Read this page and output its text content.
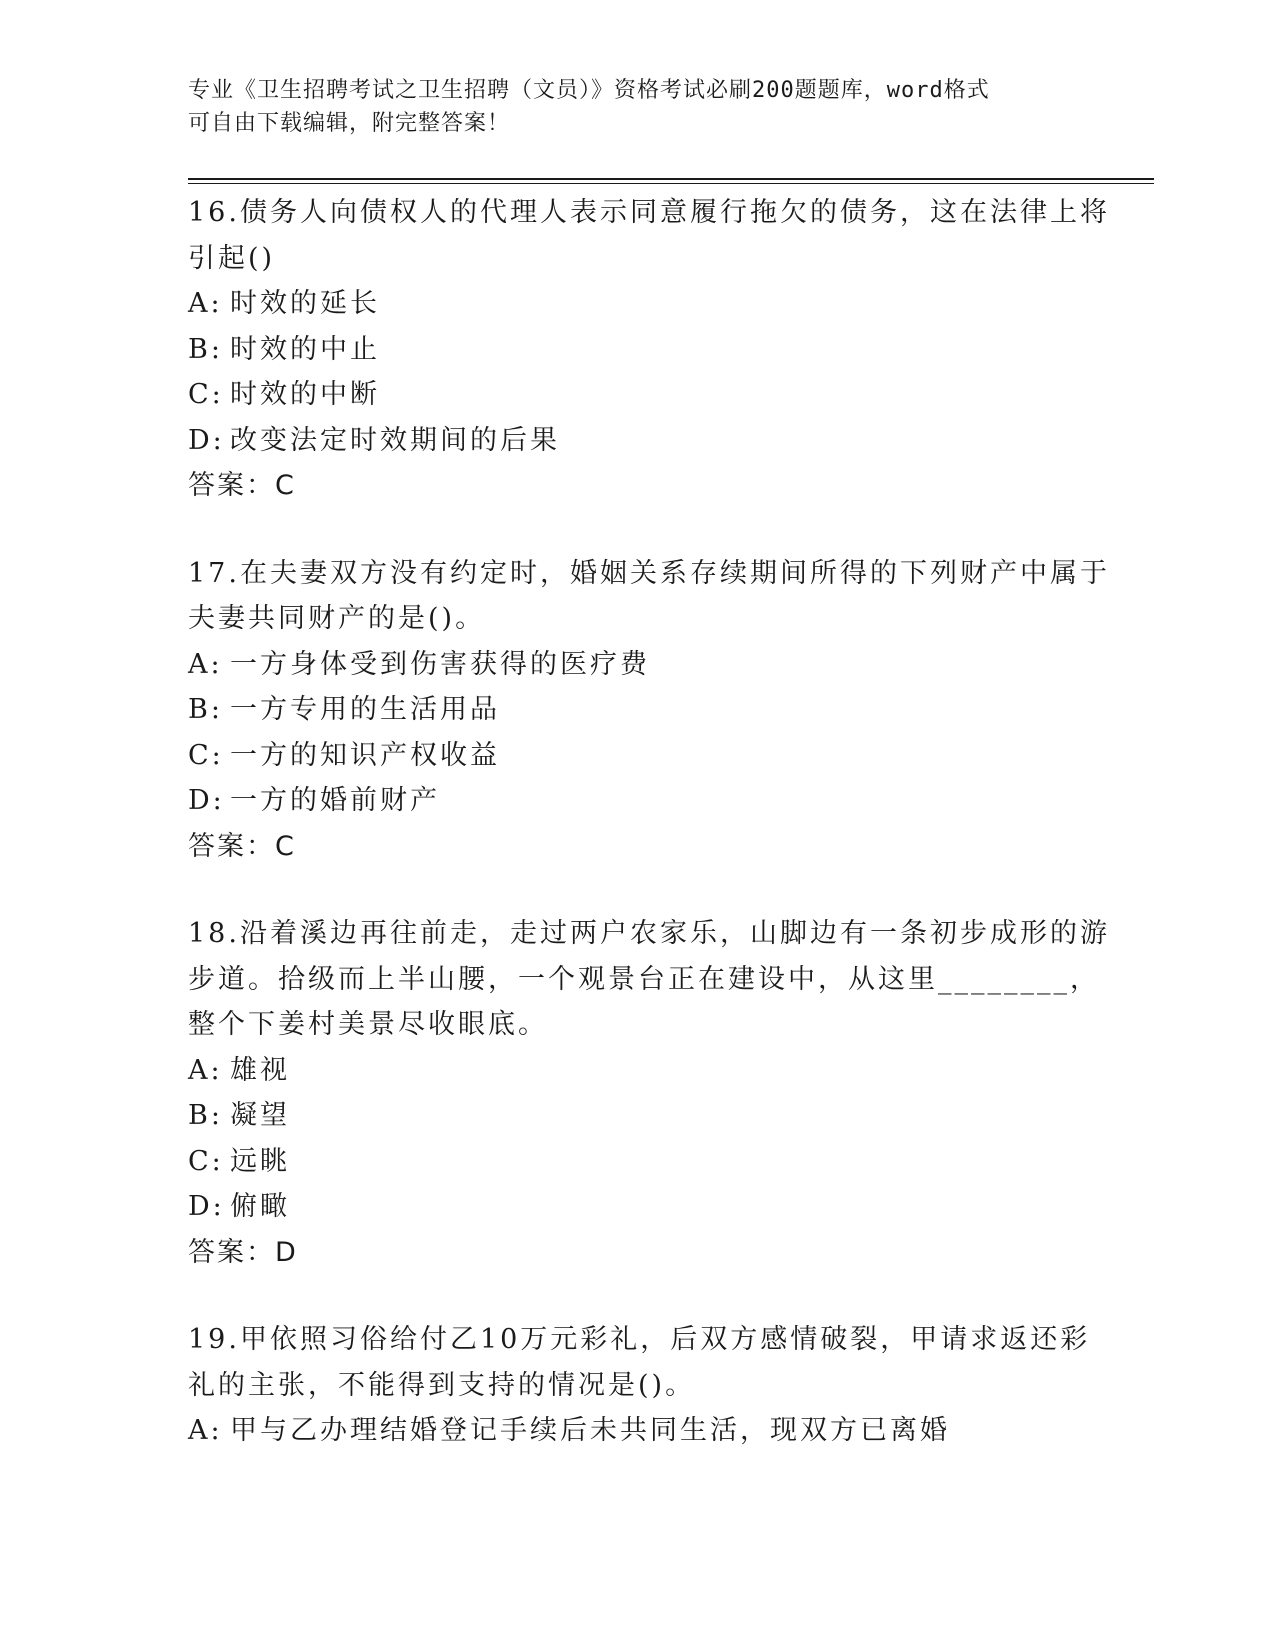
专业《卫生招聘考试之卫生招聘（文员）》资格考试必刷200题题库，word格式
可自由下载编辑，附完整答案！
16.债务人向债权人的代理人表示同意履行拖欠的债务，这在法律上将
引起()
A: 时效的延长
B: 时效的中止
C: 时效的中断
D: 改变法定时效期间的后果
答案：C
17.在夫妻双方没有约定时，婚姻关系存续期间所得的下列财产中属于
夫妻共同财产的是()。
A: 一方身体受到伤害获得的医疗费
B: 一方专用的生活用品
C: 一方的知识产权收益
D: 一方的婚前财产
答案：C
18.沿着溪边再往前走，走过两户农家乐，山脚边有一条初步成形的游
步道。拾级而上半山腰，一个观景台正在建设中，从这里________，
整个下姜村美景尽收眼底。
A: 雄视
B: 凝望
C: 远眺
D: 俯瞰
答案：D
19.甲依照习俗给付乙10万元彩礼，后双方感情破裂，甲请求返还彩
礼的主张，不能得到支持的情况是()。
A: 甲与乙办理结婚登记手续后未共同生活，现双方已离婚
